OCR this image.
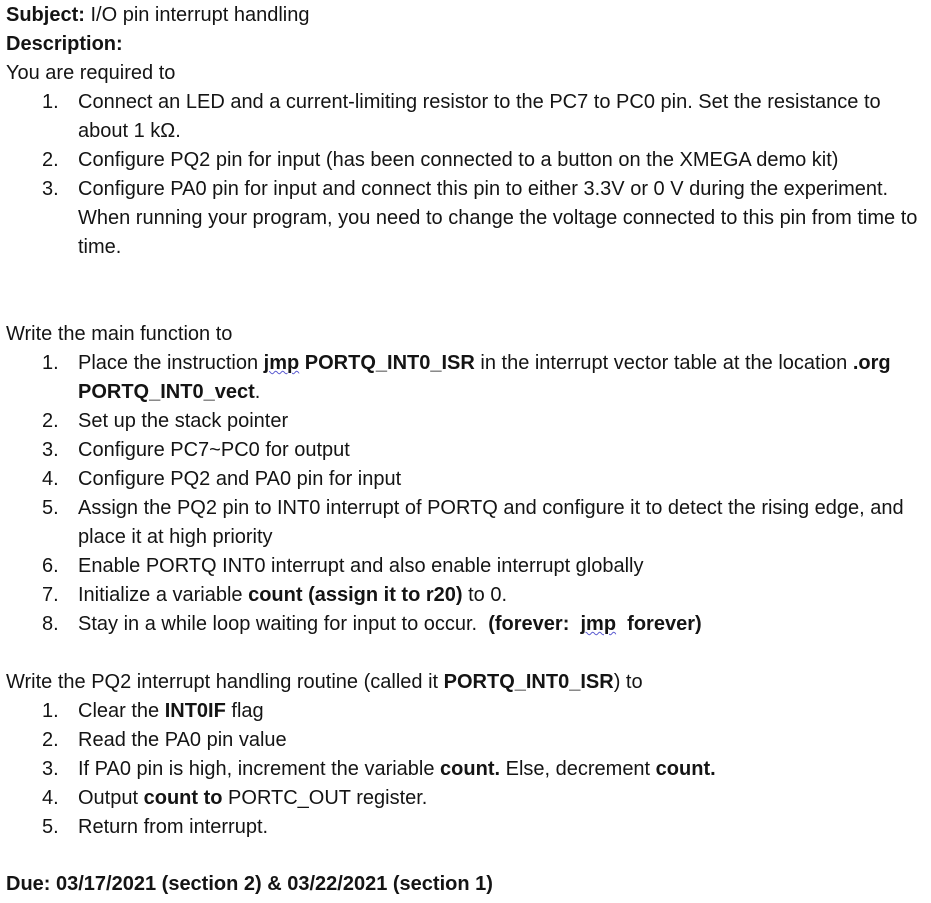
Subject: I/O pin interrupt handling
Description:
You are required to
1. Connect an LED and a current-limiting resistor to the PC7 to PC0 pin. Set the resistance to about 1 kΩ.
2. Configure PQ2 pin for input (has been connected to a button on the XMEGA demo kit)
3. Configure PA0 pin for input and connect this pin to either 3.3V or 0 V during the experiment. When running your program, you need to change the voltage connected to this pin from time to time.
Write the main function to
1. Place the instruction jmp PORTQ_INT0_ISR in the interrupt vector table at the location .org PORTQ_INT0_vect.
2. Set up the stack pointer
3. Configure PC7~PC0 for output
4. Configure PQ2 and PA0 pin for input
5. Assign the PQ2 pin to INT0 interrupt of PORTQ and configure it to detect the rising edge, and place it at high priority
6. Enable PORTQ INT0 interrupt and also enable interrupt globally
7. Initialize a variable count (assign it to r20) to 0.
8. Stay in a while loop waiting for input to occur.  (forever:  jmp  forever)
Write the PQ2 interrupt handling routine (called it PORTQ_INT0_ISR) to
1. Clear the INT0IF flag
2. Read the PA0 pin value
3. If PA0 pin is high, increment the variable count. Else, decrement count.
4. Output count to PORTC_OUT register.
5. Return from interrupt.
Due: 03/17/2021 (section 2) & 03/22/2021 (section 1)
